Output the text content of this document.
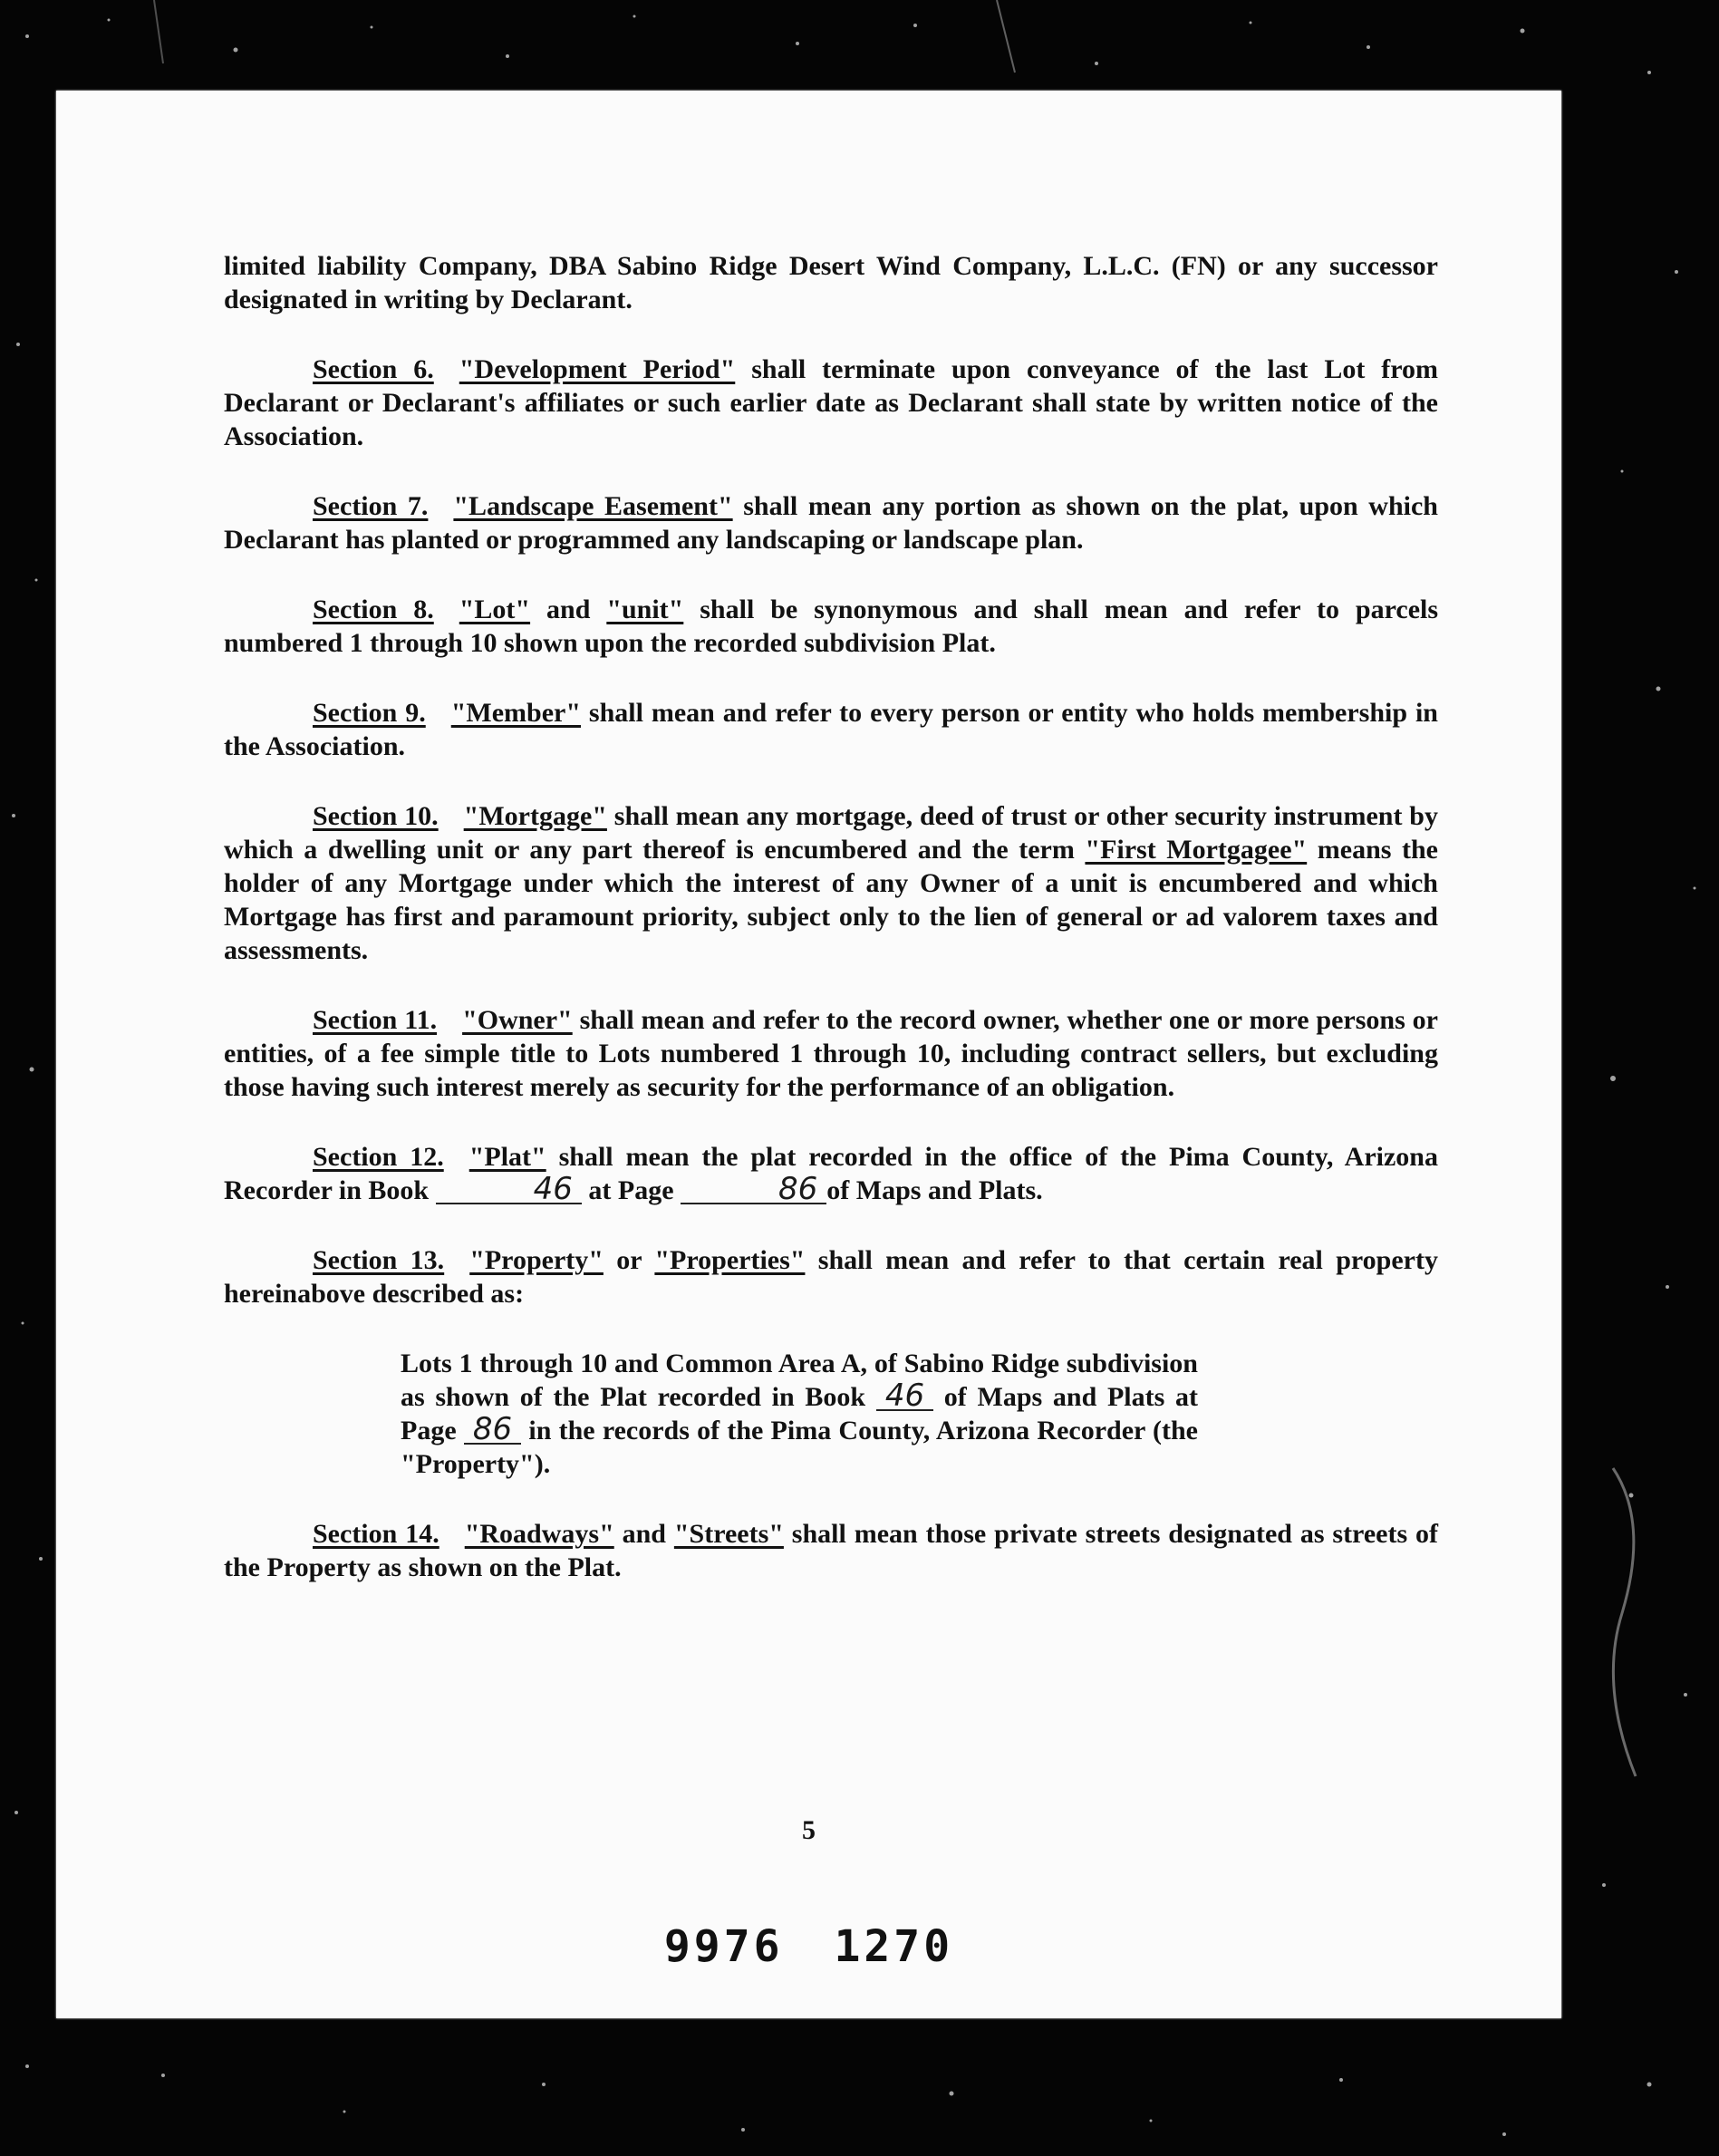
limited liability Company, DBA Sabino Ridge Desert Wind Company, L.L.C. (FN) or any successor designated in writing by Declarant.

Section 6. "Development Period" shall terminate upon conveyance of the last Lot from Declarant or Declarant's affiliates or such earlier date as Declarant shall state by written notice of the Association.

Section 7. "Landscape Easement" shall mean any portion as shown on the plat, upon which Declarant has planted or programmed any landscaping or landscape plan.

Section 8. "Lot" and "unit" shall be synonymous and shall mean and refer to parcels numbered 1 through 10 shown upon the recorded subdivision Plat.

Section 9. "Member" shall mean and refer to every person or entity who holds membership in the Association.

Section 10. "Mortgage" shall mean any mortgage, deed of trust or other security instrument by which a dwelling unit or any part thereof is encumbered and the term "First Mortgagee" means the holder of any Mortgage under which the interest of any Owner of a unit is encumbered and which Mortgage has first and paramount priority, subject only to the lien of general or ad valorem taxes and assessments.

Section 11. "Owner" shall mean and refer to the record owner, whether one or more persons or entities, of a fee simple title to Lots numbered 1 through 10, including contract sellers, but excluding those having such interest merely as security for the performance of an obligation.

Section 12. "Plat" shall mean the plat recorded in the office of the Pima County, Arizona Recorder in Book	46 at Page	86 of Maps and Plats.

Section 13. "Property" or "Properties" shall mean and refer to that certain real property hereinabove described as:

Lots 1 through 10 and Common Area A, of Sabino Ridge subdivision as shown of the Plat recorded in Book 46 of Maps and Plats at Page 86 in the records of the Pima County, Arizona Recorder (the "Property").

Section 14. "Roadways" and "Streets" shall mean those private streets designated as streets of the Property as shown on the Plat.

5
9976 1270
